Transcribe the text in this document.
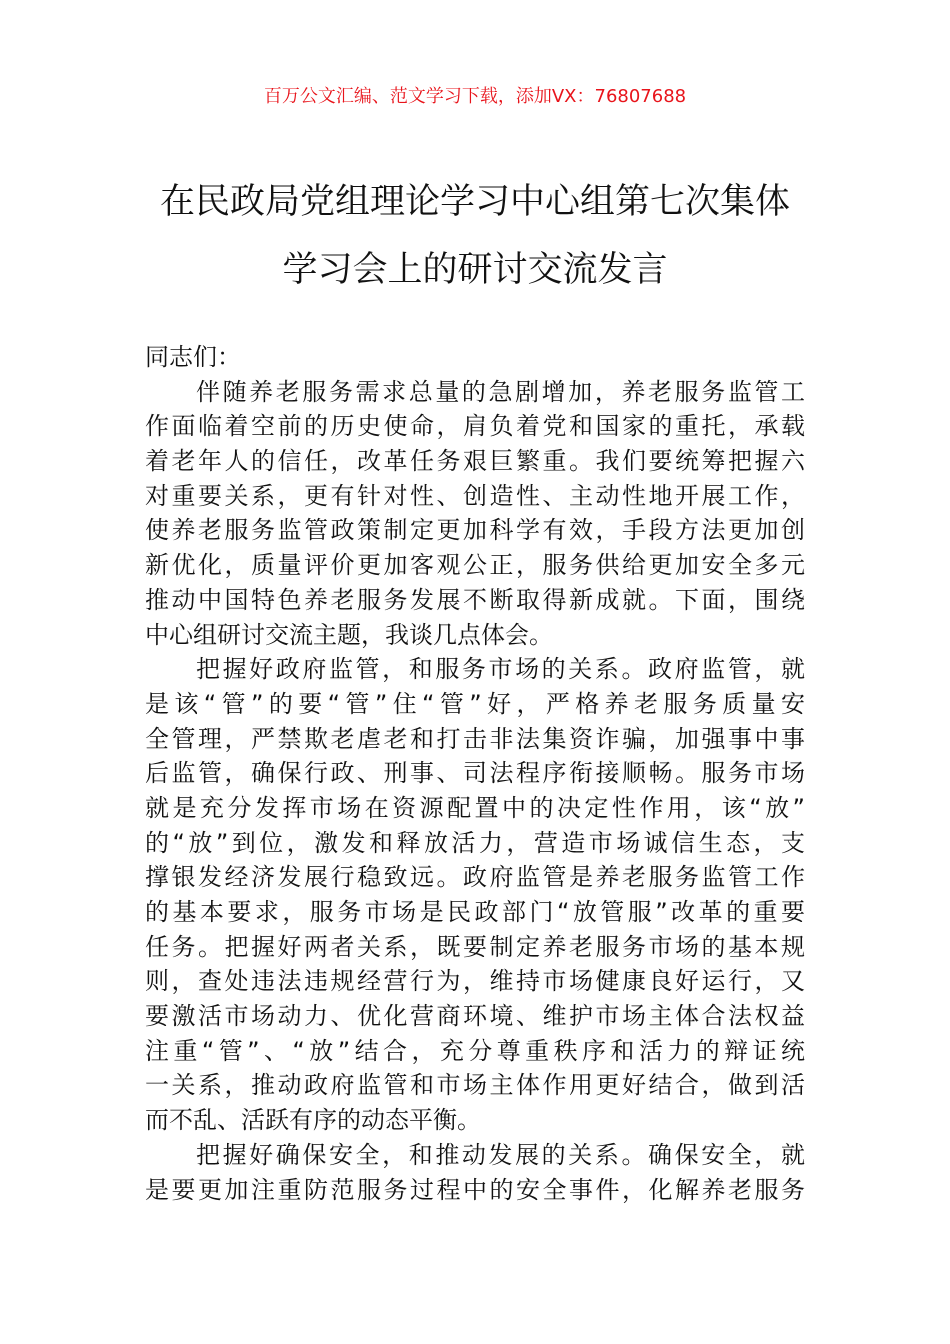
百万公文汇编、范文学习下载，添加VX：76807688
在民政局党组理论学习中心组第七次集体
学习会上的研讨交流发言
同志们：
伴随养老服务需求总量的急剧增加，养老服务监管工
作面临着空前的历史使命，肩负着党和国家的重托，承载
着老年人的信任，改革任务艰巨繁重。我们要统筹把握六
对重要关系，更有针对性、创造性、主动性地开展工作，
使养老服务监管政策制定更加科学有效，手段方法更加创
新优化，质量评价更加客观公正，服务供给更加安全多元
推动中国特色养老服务发展不断取得新成就。下面，围绕
中心组研讨交流主题，我谈几点体会。
把握好政府监管，和服务市场的关系。政府监管，就
是该“管”的要“管”住“管”好，严格养老服务质量安
全管理，严禁欺老虐老和打击非法集资诈骗，加强事中事
后监管，确保行政、刑事、司法程序衔接顺畅。服务市场
就是充分发挥市场在资源配置中的决定性作用，该“放”
的“放”到位，激发和释放活力，营造市场诚信生态，支
撑银发经济发展行稳致远。政府监管是养老服务监管工作
的基本要求，服务市场是民政部门“放管服”改革的重要
任务。把握好两者关系，既要制定养老服务市场的基本规
则，查处违法违规经营行为，维持市场健康良好运行，又
要激活市场动力、优化营商环境、维护市场主体合法权益
注重“管”、“放”结合，充分尊重秩序和活力的辩证统
一关系，推动政府监管和市场主体作用更好结合，做到活
而不乱、活跃有序的动态平衡。
把握好确保安全，和推动发展的关系。确保安全，就
是要更加注重防范服务过程中的安全事件，化解养老服务
